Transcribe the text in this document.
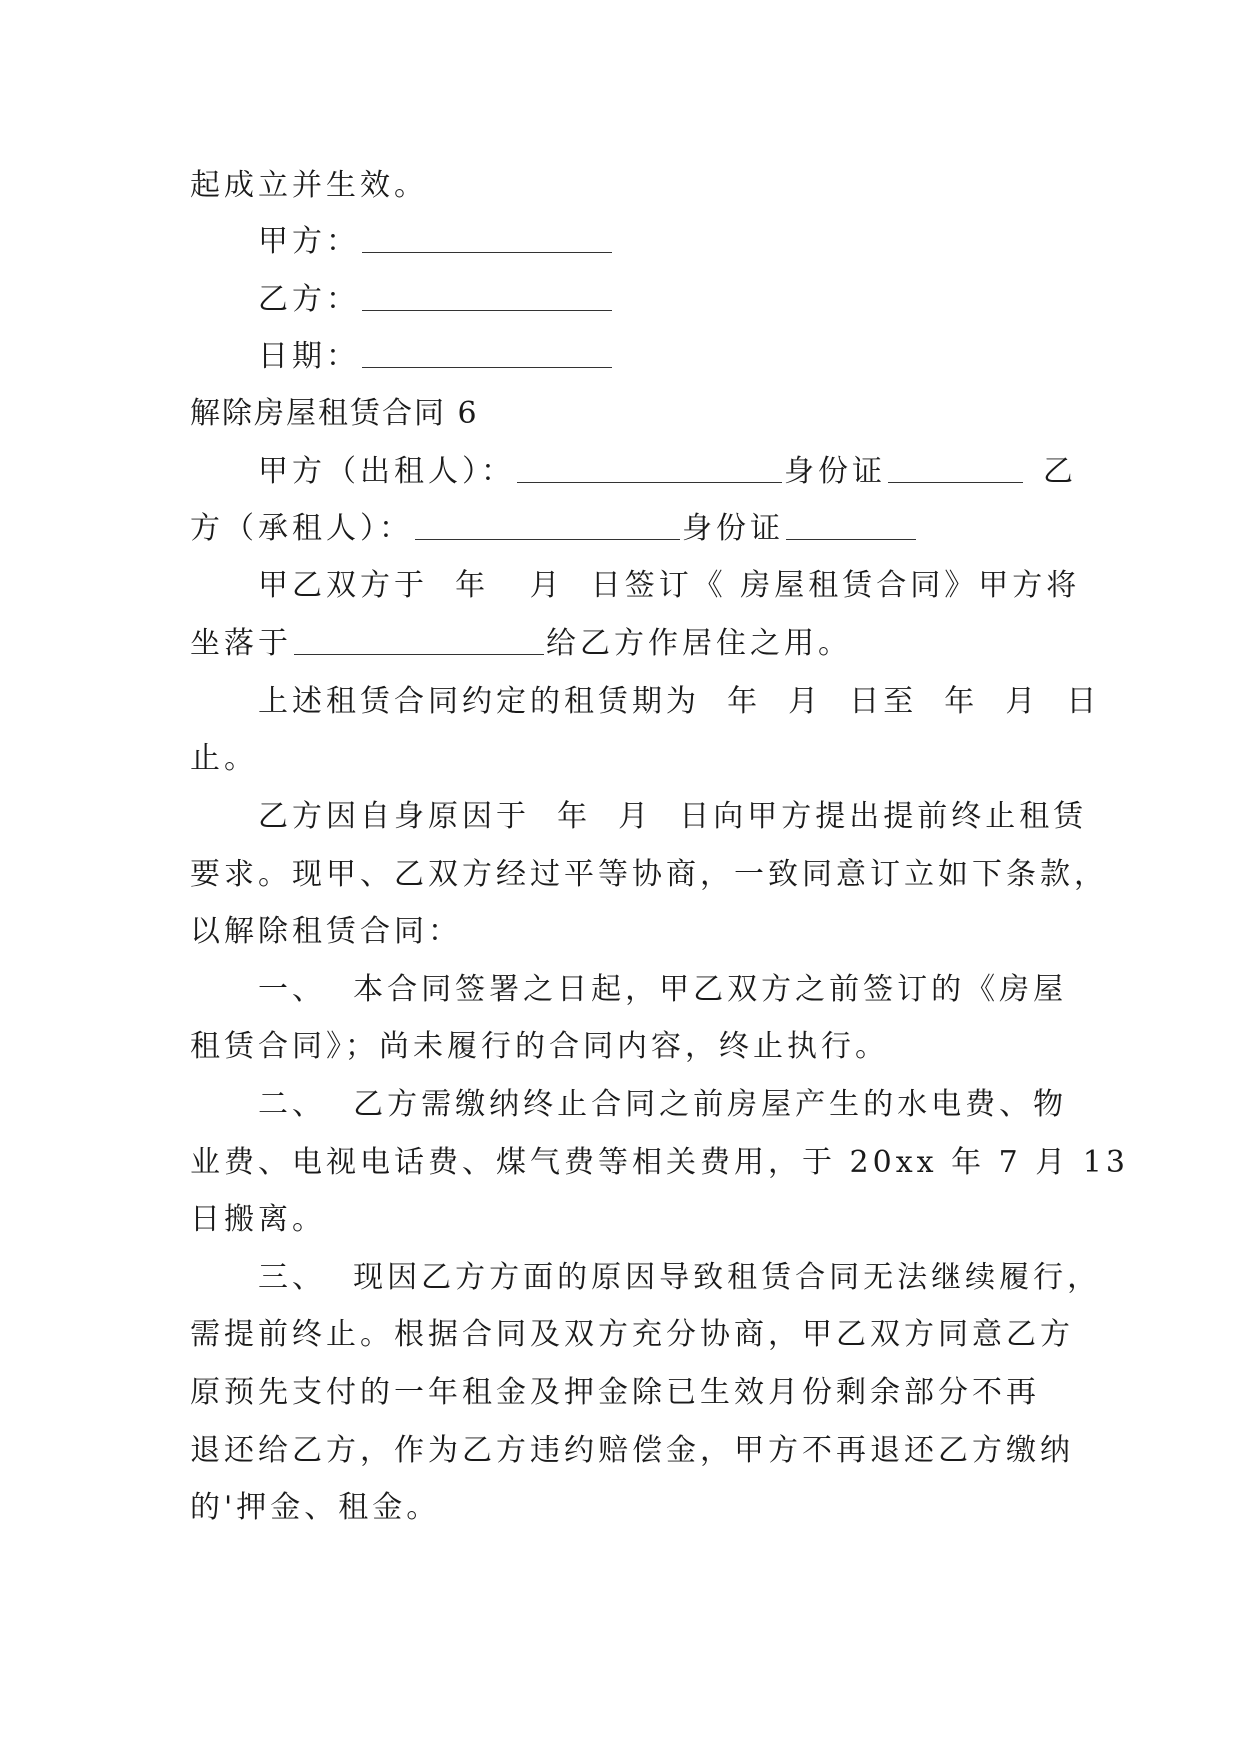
起成立并生效。
甲方：
乙方：
日期：
解除房屋租赁合同 6
甲方（出租人）：	身份证	乙
方（承租人）：	身份证
甲乙双方于  年   月  日签订《 房屋租赁合同》甲方将
坐落于	给乙方作居住之用。
上述租赁合同约定的租赁期为  年  月  日至  年  月  日
止。
乙方因自身原因于  年  月  日向甲方提出提前终止租赁
要求。现甲、乙双方经过平等协商，一致同意订立如下条款，
以解除租赁合同：
一、  本合同签署之日起，甲乙双方之前签订的《房屋
租赁合同》；尚未履行的合同内容，终止执行。
二、  乙方需缴纳终止合同之前房屋产生的水电费、物
业费、电视电话费、煤气费等相关费用，于 20xx 年 7 月 13
日搬离。
三、  现因乙方方面的原因导致租赁合同无法继续履行，
需提前终止。根据合同及双方充分协商，甲乙双方同意乙方
原预先支付的一年租金及押金除已生效月份剩余部分不再
退还给乙方，作为乙方违约赔偿金，甲方不再退还乙方缴纳
的'押金、租金。
